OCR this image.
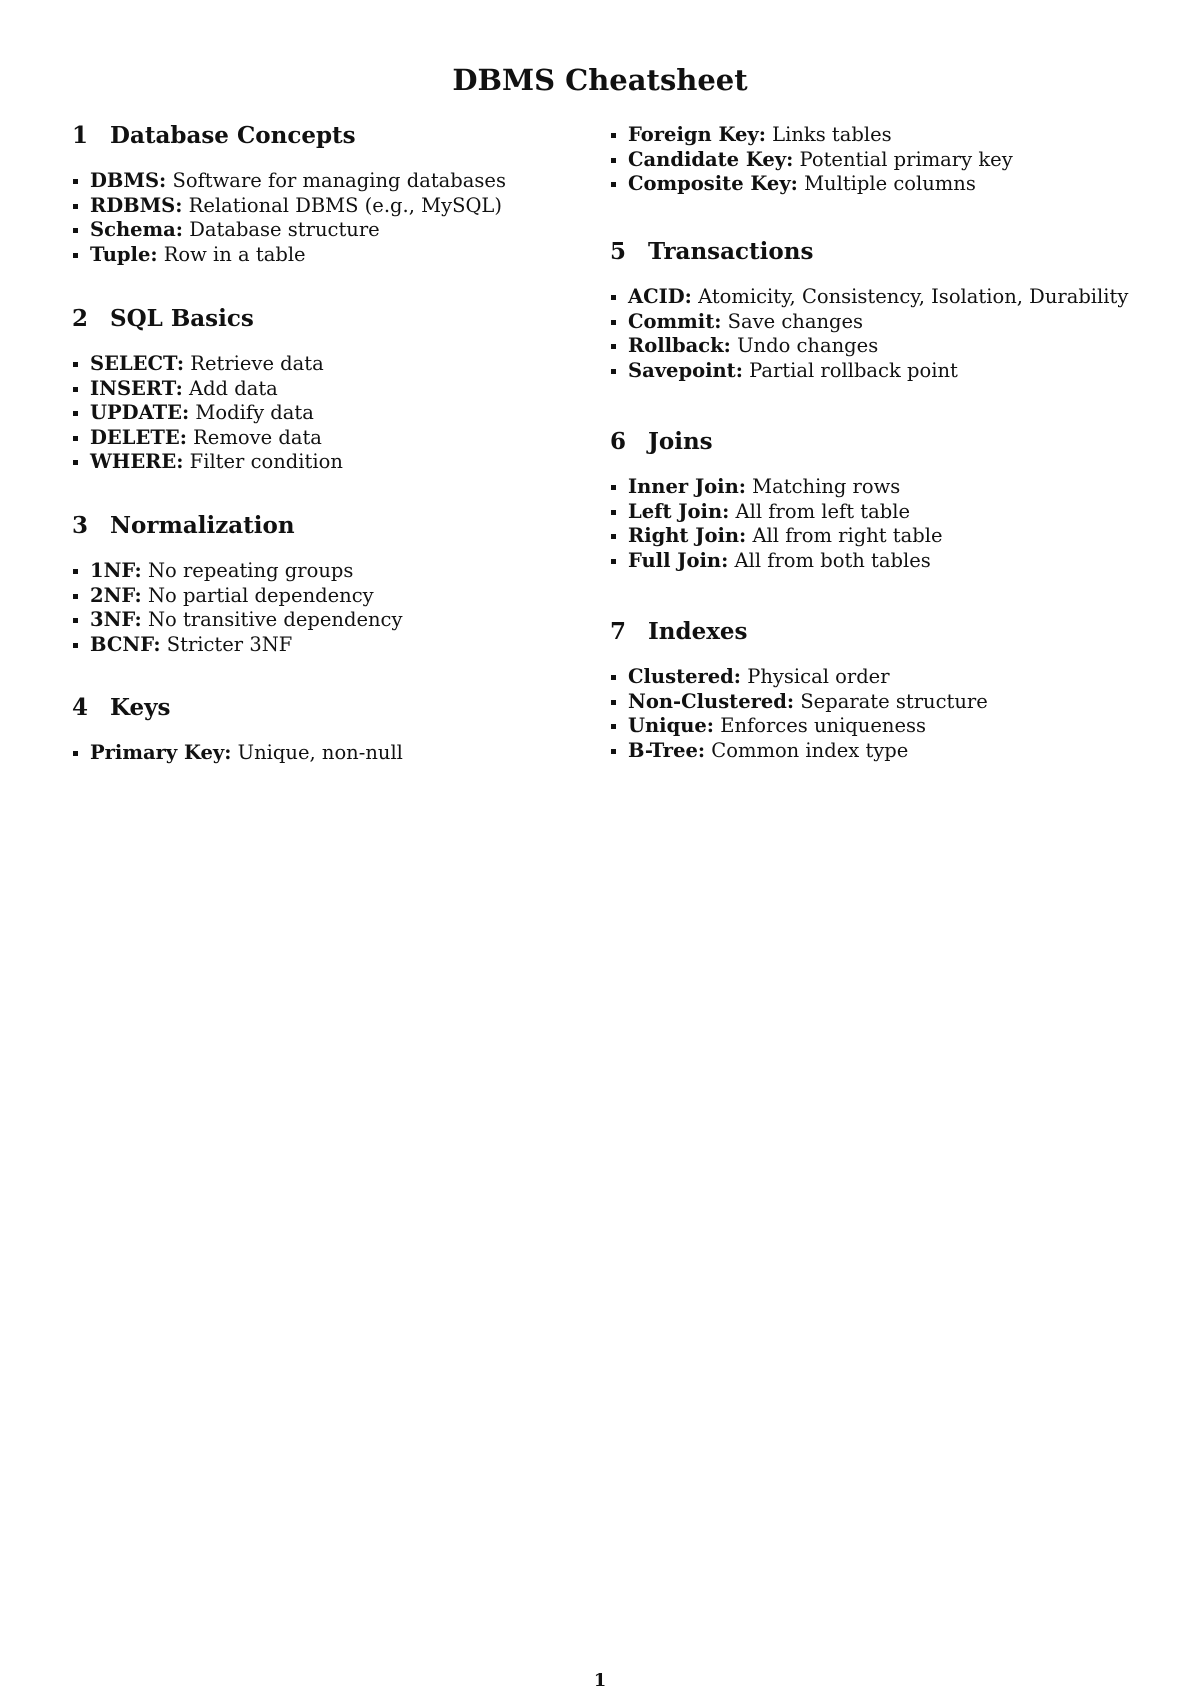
DBMS Cheatsheet
1 Database Concepts
DBMS: Software for managing databases
RDBMS: Relational DBMS (e.g., MySQL)
Schema: Database structure
Tuple: Row in a table
2 SQL Basics
SELECT: Retrieve data
INSERT: Add data
UPDATE: Modify data
DELETE: Remove data
WHERE: Filter condition
3 Normalization
1NF: No repeating groups
2NF: No partial dependency
3NF: No transitive dependency
BCNF: Stricter 3NF
4 Keys
Primary Key: Unique, non-null
Foreign Key: Links tables
Candidate Key: Potential primary key
Composite Key: Multiple columns
5 Transactions
ACID: Atomicity, Consistency, Isolation, Durability
Commit: Save changes
Rollback: Undo changes
Savepoint: Partial rollback point
6 Joins
Inner Join: Matching rows
Left Join: All from left table
Right Join: All from right table
Full Join: All from both tables
7 Indexes
Clustered: Physical order
Non-Clustered: Separate structure
Unique: Enforces uniqueness
B-Tree: Common index type
1
